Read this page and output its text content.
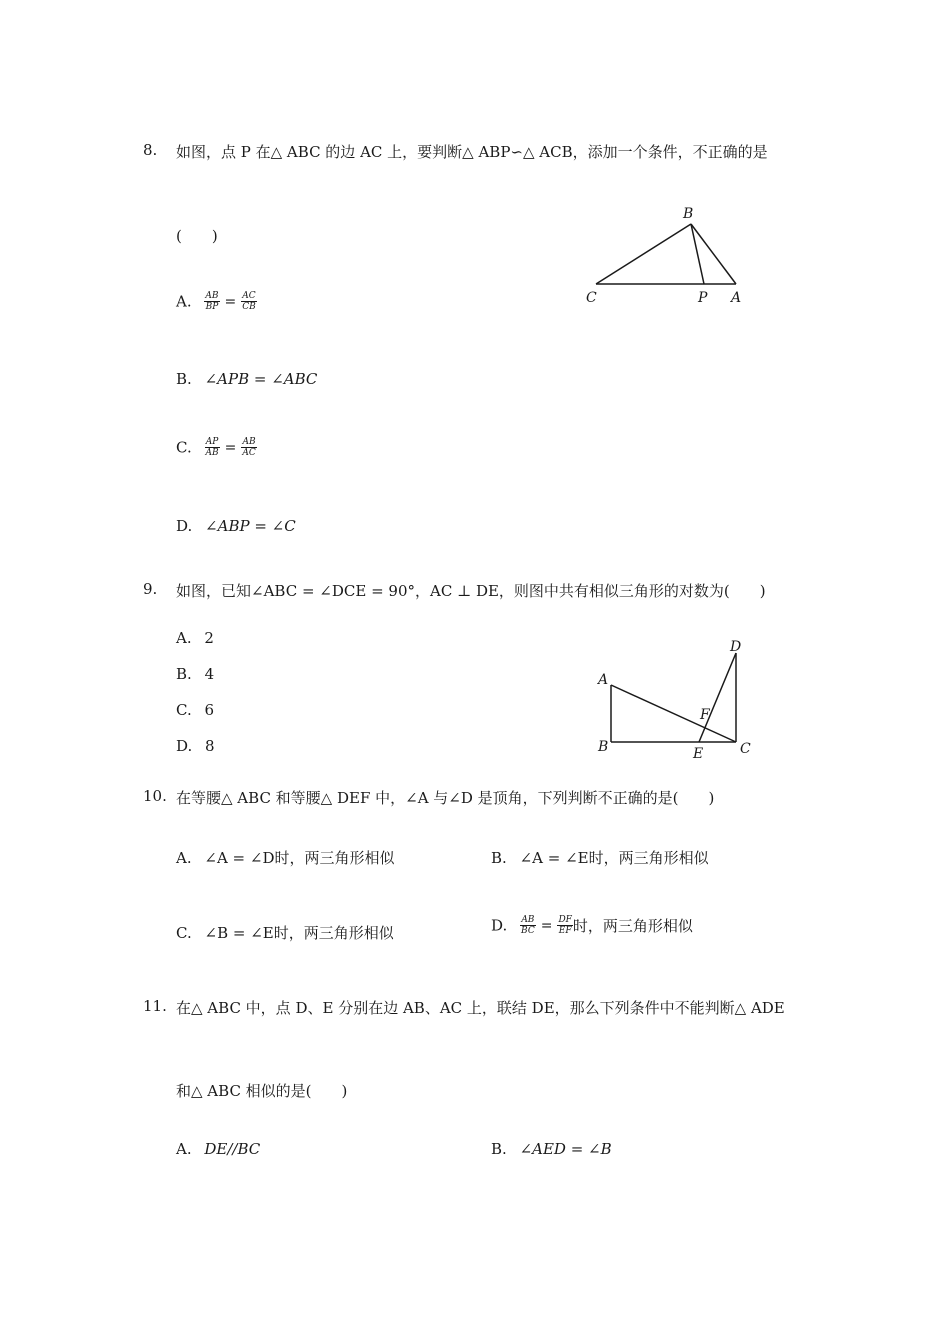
8. 如图，点 P 在△ ABC 的边 AC 上，要判断△ ABP∽△ ACB，添加一个条件，不正确的是
(　　)
A. $\frac{AB}{BP} = \frac{AC}{CB}$
B. ∠APB = ∠ABC
C. $\frac{AP}{AB} = \frac{AB}{AC}$
D. ∠ABP = ∠C
B
C	P A
9. 如图，已知∠ABC = ∠DCE = 90°，AC ⊥ DE，则图中共有相似三角形的对数为(　　)
A. 2
B. 4
C. 6
D. 8
D
A
F
B	E	C
10. 在等腰△ ABC 和等腰△ DEF 中，∠A 与∠D 是顶角，下列判断不正确的是(　　)
A. ∠A = ∠D时，两三角形相似	B. ∠A = ∠E时，两三角形相似
C. ∠B = ∠E时，两三角形相似	D. $\frac{AB}{BC} = \frac{DF}{EF}$ 时，两三角形相似
11. 在△ ABC 中，点 D、E 分别在边 AB、AC 上，联结 DE，那么下列条件中不能判断△ ADE
和△ ABC 相似的是(　　)
A. DE//BC	B. ∠AED = ∠B
